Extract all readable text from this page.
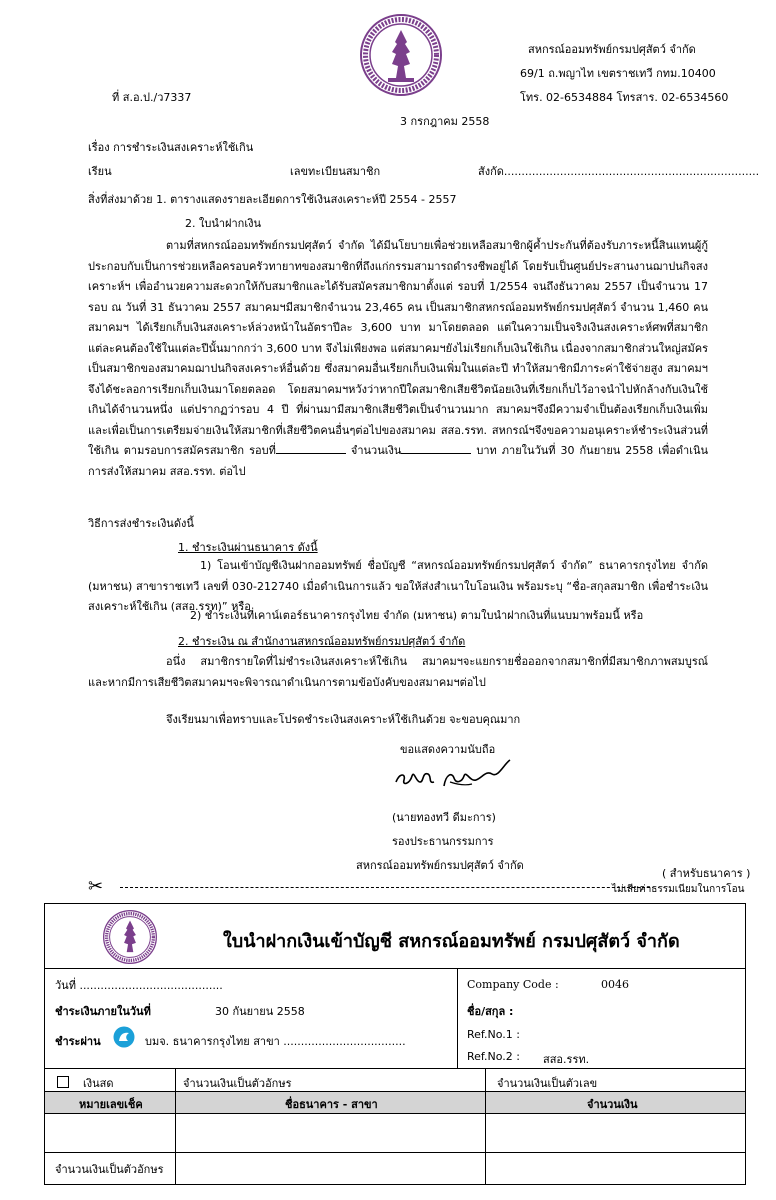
ที่ ส.อ.ป./ว7337
สหกรณ์ออมทรัพย์กรมปศุสัตว์ จำกัด
69/1 ถ.พญาไท เขตราชเทวี กทม.10400
โทร. 02-6534884 โทรสาร. 02-6534560
3 กรกฎาคม 2558
เรื่อง การชำระเงินสงเคราะห์ใช้เกิน
เรียน	เลขทะเบียนสมาชิก	สังกัด.........................................................................
สิ่งที่ส่งมาด้วย 1. ตารางแสดงรายละเอียดการใช้เงินสงเคราะห์ปี 2554 - 2557
2. ใบนำฝากเงิน
ตามที่สหกรณ์ออมทรัพย์กรมปศุสัตว์ จำกัด ได้มีนโยบายเพื่อช่วยเหลือสมาชิกผู้ค้ำประกันที่ต้องรับภาระหนี้สินแทนผู้กู้ประกอบกับเป็นการช่วยเหลือครอบครัวทายาทของสมาชิกที่ถึงแก่กรรมสามารถดำรงชีพอยู่ได้ โดยรับเป็นศูนย์ประสานงานฌาปนกิจสงเคราะห์ฯ เพื่ออำนวยความสะดวกให้กับสมาชิกและได้รับสมัครสมาชิกมาตั้งแต่ รอบที่ 1/2554 จนถึงธันวาคม 2557 เป็นจำนวน 17 รอบ ณ วันที่ 31 ธันวาคม 2557 สมาคมฯมีสมาชิกจำนวน 23,465 คน เป็นสมาชิกสหกรณ์ออมทรัพย์กรมปศุสัตว์ จำนวน 1,460 คน สมาคมฯ ได้เรียกเก็บเงินสงเคราะห์ล่วงหน้าในอัตราปีละ 3,600 บาท มาโดยตลอด แต่ในความเป็นจริงเงินสงเคราะห์ศพที่สมาชิกแต่ละคนต้องใช้ในแต่ละปีนั้นมากกว่า 3,600 บาท จึงไม่เพียงพอ แต่สมาคมฯยังไม่เรียกเก็บเงินใช้เกิน เนื่องจากสมาชิกส่วนใหญ่สมัครเป็นสมาชิกของสมาคมฌาปนกิจสงเคราะห์อื่นด้วย ซึ่งสมาคมอื่นเรียกเก็บเงินเพิ่มในแต่ละปี ทำให้สมาชิกมีภาระค่าใช้จ่ายสูง สมาคมฯจึงได้ชะลอการเรียกเก็บเงินมาโดยตลอด โดยสมาคมฯหวังว่าหากปีใดสมาชิกเสียชีวิตน้อยเงินที่เรียกเก็บไว้อาจนำไปหักล้างกับเงินใช้เกินได้จำนวนหนึ่ง แต่ปรากฏว่ารอบ 4 ปี ที่ผ่านมามีสมาชิกเสียชีวิตเป็นจำนวนมาก สมาคมฯจึงมีความจำเป็นต้องเรียกเก็บเงินเพิ่ม และเพื่อเป็นการเตรียมจ่ายเงินให้สมาชิกที่เสียชีวิตคนอื่นๆต่อไปของสมาคม สสอ.รรท. สหกรณ์ฯจึงขอความอนุเคราะห์ชำระเงินส่วนที่ใช้เกิน ตามรอบการสมัครสมาชิก รอบที่	จำนวนเงิน	บาท ภายในวันที่ 30 กันยายน 2558 เพื่อดำเนินการส่งให้สมาคม สสอ.รรท. ต่อไป
วิธีการส่งชำระเงินดังนี้
1. ชำระเงินผ่านธนาคาร ดังนี้
1) โอนเข้าบัญชีเงินฝากออมทรัพย์ ชื่อบัญชี “สหกรณ์ออมทรัพย์กรมปศุสัตว์ จำกัด” ธนาคารกรุงไทย จำกัด (มหาชน) สาขาราชเทวี เลขที่ 030-212740 เมื่อดำเนินการแล้ว ขอให้ส่งสำเนาใบโอนเงิน พร้อมระบุ “ชื่อ-สกุลสมาชิก เพื่อชำระเงินสงเคราะห์ใช้เกิน (สสอ.รรท)” หรือ
2) ชำระเงินที่เคาน์เตอร์ธนาคารกรุงไทย จำกัด (มหาชน) ตามใบนำฝากเงินที่แนบมาพร้อมนี้ หรือ
2. ชำระเงิน ณ สำนักงานสหกรณ์ออมทรัพย์กรมปศุสัตว์ จำกัด
อนึ่ง สมาชิกรายใดที่ไม่ชำระเงินสงเคราะห์ใช้เกิน สมาคมฯจะแยกรายชื่อออกจากสมาชิกที่มีสมาชิกภาพสมบูรณ์ และหากมีการเสียชีวิตสมาคมฯจะพิจารณาดำเนินการตามข้อบังคับของสมาคมฯต่อไป
จึงเรียนมาเพื่อทราบและโปรดชำระเงินสงเคราะห์ใช้เกินด้วย จะขอบคุณมาก
ขอแสดงความนับถือ
(นายทองทวี ดีมะการ)
รองประธานกรรมการ
สหกรณ์ออมทรัพย์กรมปศุสัตว์ จำกัด
( สำหรับธนาคาร )
✂	ไม่เสียค่าธรรมเนียมในการโอน
ใบนำฝากเงินเข้าบัญชี สหกรณ์ออมทรัพย์ กรมปศุสัตว์ จำกัด
วันที่ .........................................
ชำระเงินภายในวันที่	30 กันยายน 2558
ชำระผ่าน	บมจ. ธนาคารกรุงไทย สาขา ...................................
Company Code :	0046
ชื่อ/สกุล :
Ref.No.1 :
Ref.No.2 : สสอ.รรท.
เงินสด	จำนวนเงินเป็นตัวอักษร	จำนวนเงินเป็นตัวเลข
หมายเลขเช็ค	ชื่อธนาคาร - สาขา	จำนวนเงิน
จำนวนเงินเป็นตัวอักษร
